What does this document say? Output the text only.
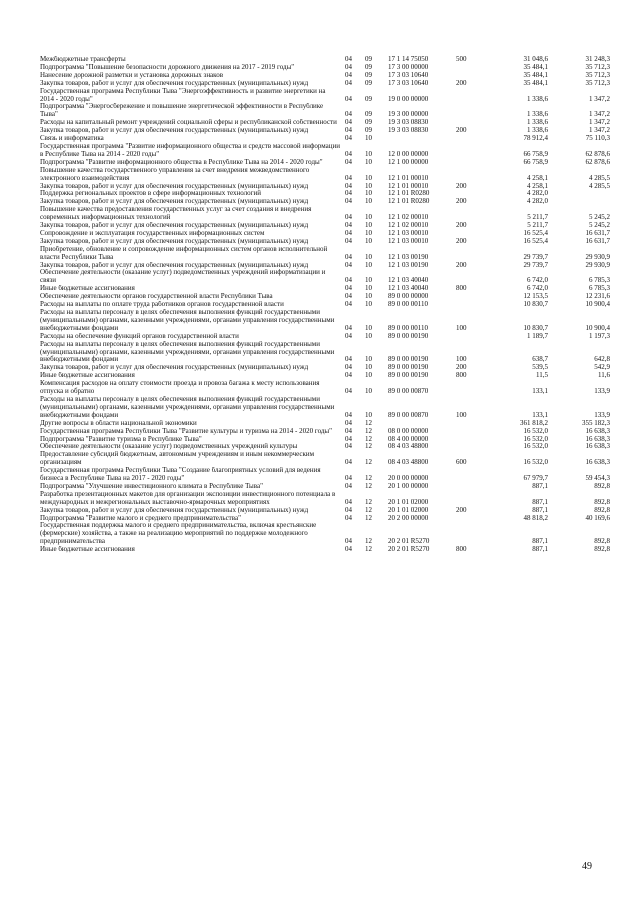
Межбюджетные трансферты	04	09	17 1 14 75050	500	31 048,6	31 248,3
Подпрограмма "Повышение безопасности дорожного движения на 2017 - 2019 годы"	04	09	17 3 00 00000		35 484,1	35 712,3
Нанесение дорожной разметки и установка дорожных знаков	04	09	17 3 03 10640		35 484,1	35 712,3
Закупка товаров, работ и услуг для обеспечения государственных (муниципальных) нужд	04	09	17 3 03 10640	200	35 484,1	35 712,3
Государственная программа Республики Тыва "Энергоэффективность и развитие энергетики на 2014 - 2020 годы"	04	09	19 0 00 00000		1 338,6	1 347,2
Подпрограмма "Энергосбережение и повышение энергетической эффективности в Республике Тыва"	04	09	19 3 00 00000		1 338,6	1 347,2
Расходы на капитальный ремонт учреждений социальной сферы и республиканской собственности	04	09	19 3 03 08830		1 338,6	1 347,2
Закупка товаров, работ и услуг для обеспечения государственных (муниципальных) нужд	04	09	19 3 03 08830	200	1 338,6	1 347,2
Связь и информатика	04	10			78 912,4	75 110,3
Государственная программа "Развитие информационного общества и средств массовой информации в Республике Тыва на 2014 - 2020 годы"	04	10	12 0 00 00000		66 758,9	62 878,6
Подпрограмма "Развитие информационного общества в Республике Тыва на 2014 - 2020 годы"	04	10	12 1 00 00000		66 758,9	62 878,6
Повышение качества государственного управления за счет внедрения межведомственного электронного взаимодействия	04	10	12 1 01 00010		4 258,1	4 285,5
Закупка товаров, работ и услуг для обеспечения государственных (муниципальных) нужд	04	10	12 1 01 00010	200	4 258,1	4 285,5
Поддержка региональных проектов в сфере информационных технологий	04	10	12 1 01 R0280		4 282,0	
Закупка товаров, работ и услуг для обеспечения государственных (муниципальных) нужд	04	10	12 1 01 R0280	200	4 282,0	
Повышение качества предоставления государственных услуг за счет создания и внедрения современных информационных технологий	04	10	12 1 02 00010		5 211,7	5 245,2
Закупка товаров, работ и услуг для обеспечения государственных (муниципальных) нужд	04	10	12 1 02 00010	200	5 211,7	5 245,2
Сопровождение и эксплуатация государственных информационных систем	04	10	12 1 03 00010		16 525,4	16 631,7
Закупка товаров, работ и услуг для обеспечения государственных (муниципальных) нужд	04	10	12 1 03 00010	200	16 525,4	16 631,7
Приобретение, обновление и сопровождение информационных систем органов исполнительной власти Республики Тыва	04	10	12 1 03 00190		29 739,7	29 930,9
Закупка товаров, работ и услуг для обеспечения государственных (муниципальных) нужд	04	10	12 1 03 00190	200	29 739,7	29 930,9
Обеспечение деятельности (оказание услуг) подведомственных учреждений информатизации и связи	04	10	12 1 03 40040		6 742,0	6 785,3
Иные бюджетные ассигнования	04	10	12 1 03 40040	800	6 742,0	6 785,3
Обеспечение деятельности органов государственной власти Республики Тыва	04	10	89 0 00 00000		12 153,5	12 231,6
Расходы на выплаты по оплате труда работников органов государственной власти	04	10	89 0 00 00110		10 830,7	10 900,4
Расходы на выплаты персоналу в целях обеспечения выполнения функций государственными (муниципальными) органами, казенными учреждениями, органами управления государственными внебюджетными фондами	04	10	89 0 00 00110	100	10 830,7	10 900,4
Расходы на обеспечение функций органов государственной власти	04	10	89 0 00 00190		1 189,7	1 197,3
Расходы на выплаты персоналу в целях обеспечения выполнения функций государственными (муниципальными) органами, казенными учреждениями, органами управления государственными внебюджетными фондами	04	10	89 0 00 00190	100	638,7	642,8
Закупка товаров, работ и услуг для обеспечения государственных (муниципальных) нужд	04	10	89 0 00 00190	200	539,5	542,9
Иные бюджетные ассигнования	04	10	89 0 00 00190	800	11,5	11,6
Компенсация расходов на оплату стоимости проезда и провоза багажа к месту использования отпуска и обратно	04	10	89 0 00 00870		133,1	133,9
Расходы на выплаты персоналу в целях обеспечения выполнения функций государственными (муниципальными) органами, казенными учреждениями, органами управления государственными внебюджетными фондами	04	10	89 0 00 00870	100	133,1	133,9
Другие вопросы в области национальной экономики	04	12			361 818,2	355 182,3
Государственная программа Республики Тыва "Развитие культуры и туризма на 2014 - 2020 годы"	04	12	08 0 00 00000		16 532,0	16 638,3
Подпрограмма "Развитие туризма в Республике Тыва"	04	12	08 4 00 00000		16 532,0	16 638,3
Обеспечение деятельности (оказание услуг) подведомственных учреждений культуры	04	12	08 4 03 48800		16 532,0	16 638,3
Предоставление субсидий бюджетным, автономным учреждениям и иным некоммерческим организациям	04	12	08 4 03 48800	600	16 532,0	16 638,3
Государственная программа Республики Тыва "Создание благоприятных условий для ведения бизнеса в Республике Тыва на 2017 - 2020 годы"	04	12	20 0 00 00000		67 979,7	59 454,3
Подпрограмма "Улучшение инвестиционного климата в Республике Тыва"	04	12	20 1 00 00000		887,1	892,8
Разработка презентационных макетов для организации экспозиции инвестиционного потенциала в международных и межрегиональных выставочно-ярмарочных мероприятиях	04	12	20 1 01 02000		887,1	892,8
Закупка товаров, работ и услуг для обеспечения государственных (муниципальных) нужд	04	12	20 1 01 02000	200	887,1	892,8
Подпрограмма "Развитие малого и среднего предпринимательства"	04	12	20 2 00 00000		48 818,2	40 169,6
Государственная поддержка малого и среднего предпринимательства, включая крестьянские (фермерские) хозяйства, а также на реализацию мероприятий по поддержке молодежного предпринимательства	04	12	20 2 01 R5270		887,1	892,8
Иные бюджетные ассигнования	04	12	20 2 01 R5270	800	887,1	892,8
49
